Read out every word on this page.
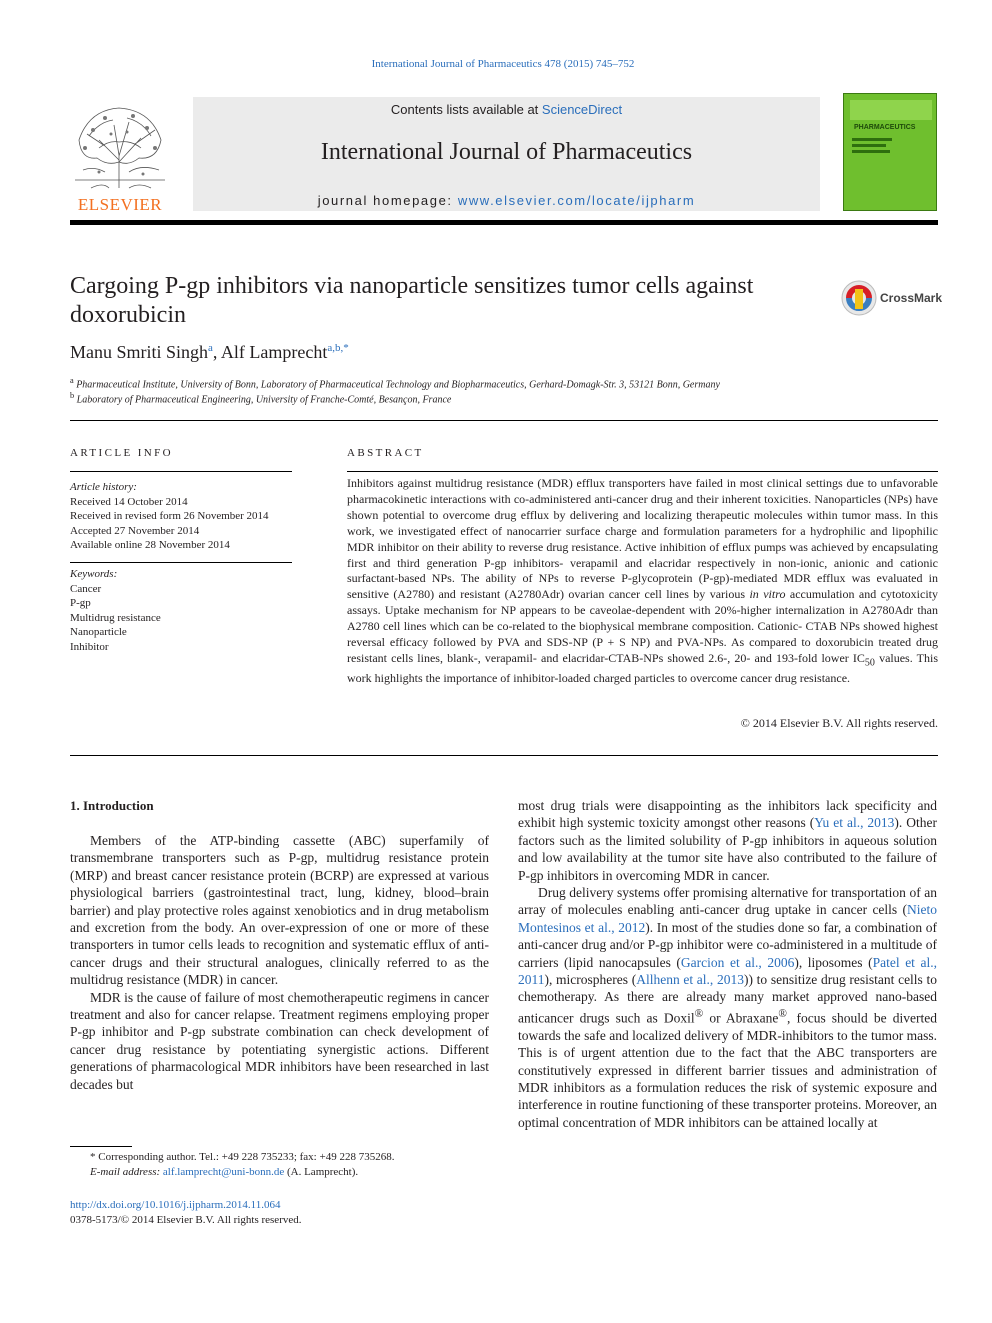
International Journal of Pharmaceutics 478 (2015) 745–752
ELSEVIER
Contents lists available at ScienceDirect
International Journal of Pharmaceutics
journal homepage: www.elsevier.com/locate/ijpharm
PHARMACEUTICS
Cargoing P-gp inhibitors via nanoparticle sensitizes tumor cells against doxorubicin
CrossMark
Manu Smriti Singh$^a$, Alf Lamprecht$^{a,b,*}$
$^a$ Pharmaceutical Institute, University of Bonn, Laboratory of Pharmaceutical Technology and Biopharmaceutics, Gerhard-Domagk-Str. 3, 53121 Bonn, Germany
$^b$ Laboratory of Pharmaceutical Engineering, University of Franche-Comté, Besançon, France
ARTICLE INFO
Article history:
Received 14 October 2014
Received in revised form 26 November 2014
Accepted 27 November 2014
Available online 28 November 2014
Keywords:
Cancer
P-gp
Multidrug resistance
Nanoparticle
Inhibitor
ABSTRACT
Inhibitors against multidrug resistance (MDR) efflux transporters have failed in most clinical settings due to unfavorable pharmacokinetic interactions with co-administered anti-cancer drug and their inherent toxicities. Nanoparticles (NPs) have shown potential to overcome drug efflux by delivering and localizing therapeutic molecules within tumor mass. In this work, we investigated effect of nanocarrier surface charge and formulation parameters for a hydrophilic and lipophilic MDR inhibitor on their ability to reverse drug resistance. Active inhibition of efflux pumps was achieved by encapsulating first and third generation P-gp inhibitors- verapamil and elacridar respectively in non-ionic, anionic and cationic surfactant-based NPs. The ability of NPs to reverse P-glycoprotein (P-gp)-mediated MDR efflux was evaluated in sensitive (A2780) and resistant (A2780Adr) ovarian cancer cell lines by various in vitro accumulation and cytotoxicity assays. Uptake mechanism for NP appears to be caveolae-dependent with 20%-higher internalization in A2780Adr than A2780 cell lines which can be co-related to the biophysical membrane composition. Cationic- CTAB NPs showed highest reversal efficacy followed by PVA and SDS-NP (P + S NP) and PVA-NPs. As compared to doxorubicin treated drug resistant cells lines, blank-, verapamil- and elacridar-CTAB-NPs showed 2.6-, 20- and 193-fold lower $IC_{50}$ values. This work highlights the importance of inhibitor-loaded charged particles to overcome cancer drug resistance.
© 2014 Elsevier B.V. All rights reserved.
1. Introduction

Members of the ATP-binding cassette (ABC) superfamily of transmembrane transporters such as P-gp, multidrug resistance protein (MRP) and breast cancer resistance protein (BCRP) are expressed at various physiological barriers (gastrointestinal tract, lung, kidney, blood–brain barrier) and play protective roles against xenobiotics and in drug metabolism and excretion from the body. An over-expression of one or more of these transporters in tumor cells leads to recognition and systematic efflux of anti-cancer drugs and their structural analogues, clinically referred to as the multidrug resistance (MDR) in cancer.

MDR is the cause of failure of most chemotherapeutic regimens in cancer treatment and also for cancer relapse. Treatment regimens employing proper P-gp inhibitor and P-gp substrate combination can check development of cancer drug resistance by potentiating synergistic actions. Different generations of pharmacological MDR inhibitors have been researched in last decades but

most drug trials were disappointing as the inhibitors lack specificity and exhibit high systemic toxicity amongst other reasons (Yu et al., 2013). Other factors such as the limited solubility of P-gp inhibitors in aqueous solution and low availability at the tumor site have also contributed to the failure of P-gp inhibitors in overcoming MDR in cancer.

Drug delivery systems offer promising alternative for transportation of an array of molecules enabling anti-cancer drug uptake in cancer cells (Nieto Montesinos et al., 2012). In most of the studies done so far, a combination of anti-cancer drug and/or P-gp inhibitor were co-administered in a multitude of carriers (lipid nanocapsules (Garcion et al., 2006), liposomes (Patel et al., 2011), microspheres (Allhenn et al., 2013)) to sensitize drug resistant cells to chemotherapy. As there are already many market approved nano-based anticancer drugs such as Doxil® or Abraxane®, focus should be diverted towards the safe and localized delivery of MDR-inhibitors to the tumor mass. This is of urgent attention due to the fact that the ABC transporters are constitutively expressed in different barrier tissues and administration of MDR inhibitors as a formulation reduces the risk of systemic exposure and interference in routine functioning of these transporter proteins. Moreover, an optimal concentration of MDR inhibitors can be attained locally at

* Corresponding author. Tel.: +49 228 735233; fax: +49 228 735268.
E-mail address: alf.lamprecht@uni-bonn.de (A. Lamprecht).
http://dx.doi.org/10.1016/j.ijpharm.2014.11.064
0378-5173/© 2014 Elsevier B.V. All rights reserved.
